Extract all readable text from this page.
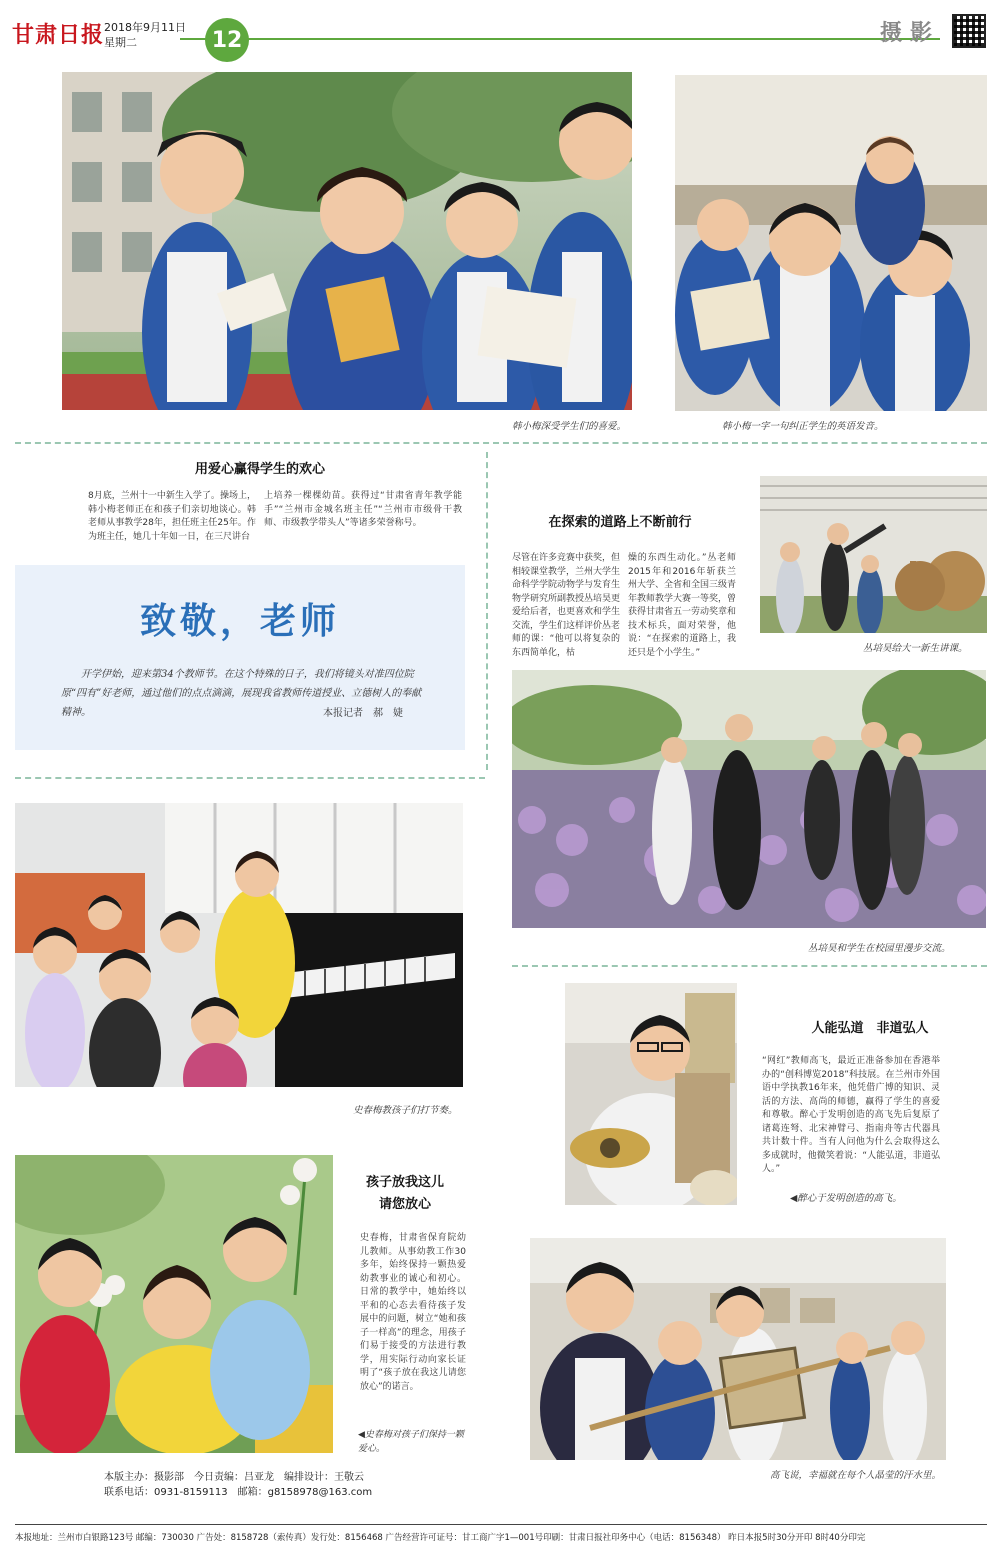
甘肃日报 2018年9月11日
星期二	12	摄影
韩小梅深受学生们的喜爱。	韩小梅一字一句纠正学生的英语发音。
用爱心赢得学生的欢心
8月底，兰州十一中新生入学了。操场上，韩小梅老师正在和孩子们亲切地谈心。韩老师从事教学28年，担任班主任25年。作为班主任，她几十年如一日，在三尺讲台
上培养一棵棵幼苗。获得过“甘肃省青年教学能手”“兰州市金城名班主任”“兰州市市级骨干教师、市级教学带头人”等诸多荣誉称号。
致敬，老师
开学伊始，迎来第34个教师节。在这个特殊的日子，我们将镜头对准四位院原“四有”好老师，通过他们的点点滴滴，展现我省教师传道授业、立德树人的奉献精神。	本报记者　郝　婕
在探索的道路上不断前行
尽管在许多竞赛中获奖，但相较课堂教学，兰州大学生命科学学院动物学与发育生物学研究所副教授丛培昊更爱给后者，也更喜欢和学生交流，学生们这样评价丛老师的课：“他可以将复杂的东西简单化，枯
燥的东西生动化。”丛老师2015年和2016年斩获兰州大学、全省和全国三级青年教师教学大赛一等奖，曾获得甘肃省五一劳动奖章和技术标兵，面对荣誉，他说：“在探索的道路上，我还只是个小学生。”	丛培昊给大一新生讲课。
丛培昊和学生在校园里漫步交流。
史春梅教孩子们打节奏。
人能弘道　非道弘人
“网红”教师高飞，最近正准备参加在香港举办的“创科博览2018”科技展。在兰州市外国语中学执教16年来，他凭借广博的知识、灵活的方法、高尚的师德，赢得了学生的喜爱和尊敬。醉心于发明创造的高飞先后复原了诸葛连弩、北宋神臂弓、指南舟等古代器具共计数十件。当有人问他为什么会取得这么多成就时，他微笑着说：“人能弘道，非道弘人。”
◀醉心于发明创造的高飞。
孩子放我这儿
请您放心
史春梅，甘肃省保育院幼儿教师。从事幼教工作30多年，始终保持一颗热爱幼教事业的诚心和初心。日常的教学中，她始终以平和的心态去看待孩子发展中的问题，树立“她和孩子一样高”的理念，用孩子们易于接受的方法进行教学，用实际行动向家长证明了“孩子放在我这儿请您放心”的诺言。
◀史春梅对孩子们保持一颗爱心。
高飞说，幸福就在每个人晶莹的汗水里。
本版主办：摄影部　今日责编：吕亚龙　编排设计：王敬云
联系电话：0931-8159113　邮箱：g8158978@163.com
本报地址：兰州市白银路123号 邮编：730030 广告处：8158728（索传真）发行处：8156468 广告经营许可证号：甘工商广字1—001号印刷：甘肃日报社印务中心（电话：8156348） 昨日本报5时30分开印 8时40分印完
